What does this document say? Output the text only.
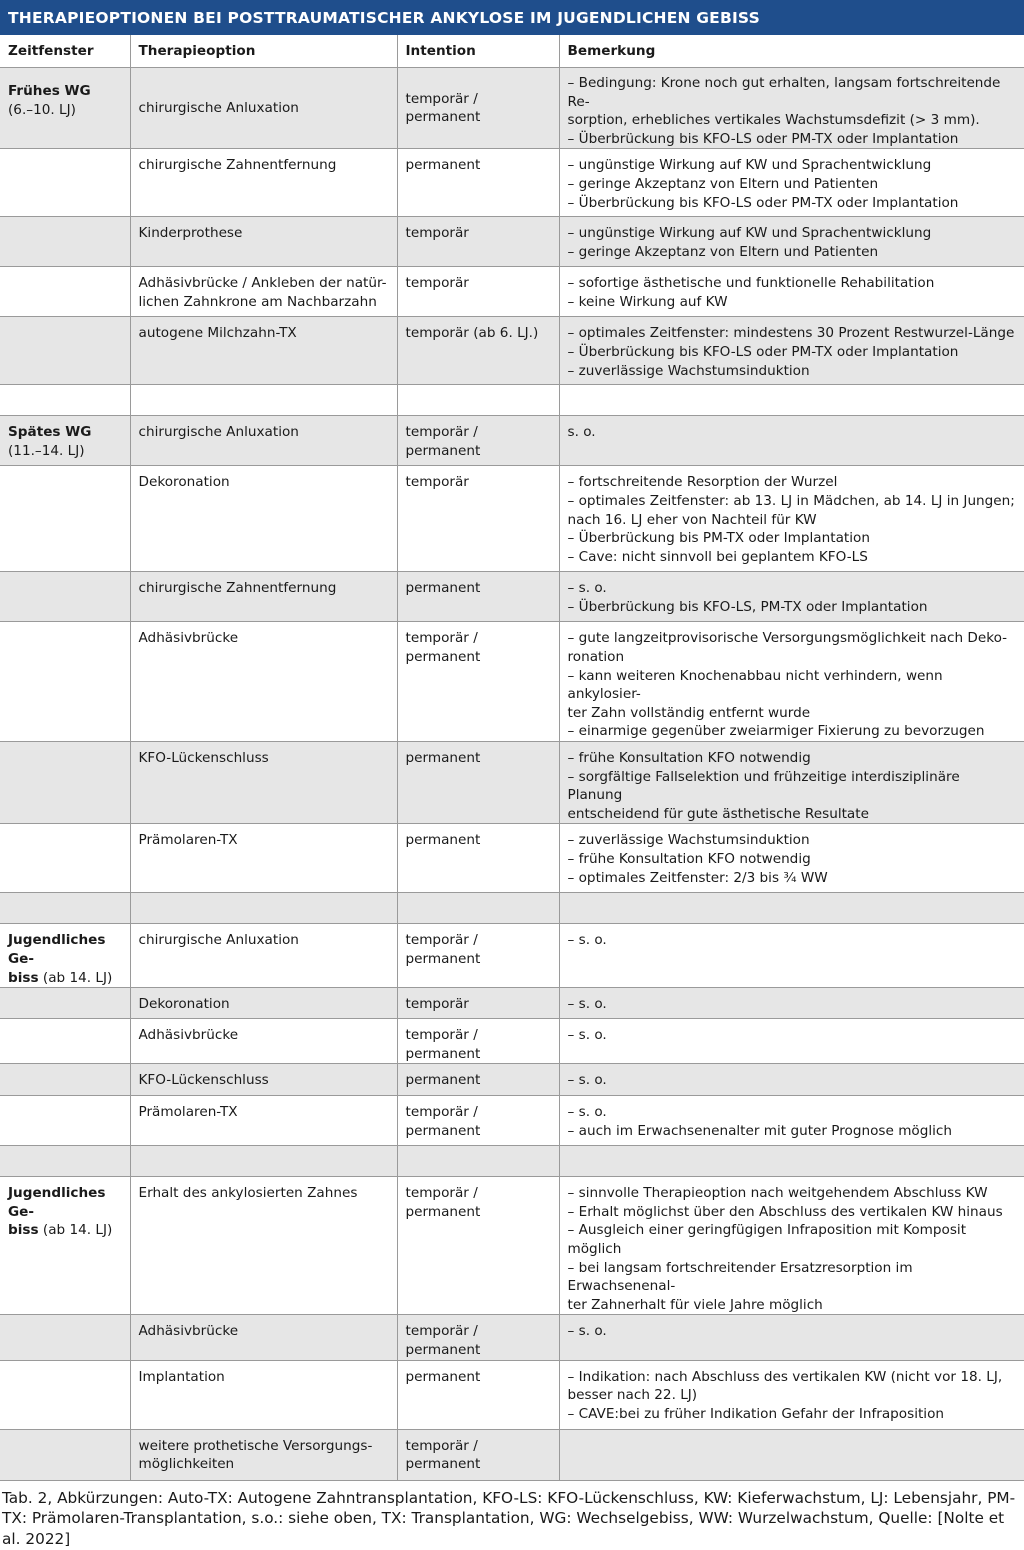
THERAPIEOPTIONEN BEI POSTTRAUMATISCHER ANKYLOSE IM JUGENDLICHEN GEBISS
Zeitfenster	Therapieoption	Intention	Bemerkung
Frühes WG
(6.–10. LJ)	chirurgische Anluxation	temporär / permanent	– Bedingung: Krone noch gut erhalten, langsam fortschreitende Re-
sorption, erhebliches vertikales Wachstumsdefizit (> 3 mm).
– Überbrückung bis KFO-LS oder PM-TX oder Implantation

	chirurgische Zahnentfernung	permanent	– ungünstige Wirkung auf KW und Sprachentwicklung
– geringe Akzeptanz von Eltern und Patienten
– Überbrückung bis KFO-LS oder PM-TX oder Implantation

	Kinderprothese	temporär	– ungünstige Wirkung auf KW und Sprachentwicklung
– geringe Akzeptanz von Eltern und Patienten

	Adhäsivbrücke / Ankleben der natür-
lichen Zahnkrone am Nachbarzahn	temporär	– sofortige ästhetische und funktionelle Rehabilitation
– keine Wirkung auf KW

	autogene Milchzahn-TX	temporär (ab 6. LJ.)	– optimales Zeitfenster: mindestens 30 Prozent Restwurzel-Länge
– Überbrückung bis KFO-LS oder PM-TX oder Implantation
– zuverlässige Wachstumsinduktion

Spätes WG
(11.–14. LJ)	chirurgische Anluxation	temporär / permanent	s. o.

	Dekoronation	temporär	– fortschreitende Resorption der Wurzel
– optimales Zeitfenster: ab 13. LJ in Mädchen, ab 14. LJ in Jungen;
nach 16. LJ eher von Nachteil für KW
– Überbrückung bis PM-TX oder Implantation
– Cave: nicht sinnvoll bei geplantem KFO-LS

	chirurgische Zahnentfernung	permanent	– s. o.
– Überbrückung bis KFO-LS, PM-TX oder Implantation

	Adhäsivbrücke	temporär / permanent	– gute langzeitprovisorische Versorgungsmöglichkeit nach Deko-
ronation
– kann weiteren Knochenabbau nicht verhindern, wenn ankylosier-
ter Zahn vollständig entfernt wurde
– einarmige gegenüber zweiarmiger Fixierung zu bevorzugen

	KFO-Lückenschluss	permanent	– frühe Konsultation KFO notwendig
– sorgfältige Fallselektion und frühzeitige interdisziplinäre Planung
entscheidend für gute ästhetische Resultate

	Prämolaren-TX	permanent	– zuverlässige Wachstumsinduktion
– frühe Konsultation KFO notwendig
– optimales Zeitfenster: 2/3 bis ¾ WW

Jugendliches Ge-
biss (ab 14. LJ)	chirurgische Anluxation	temporär / permanent	– s. o.

	Dekoronation	temporär	– s. o.

	Adhäsivbrücke	temporär / permanent	– s. o.

	KFO-Lückenschluss	permanent	– s. o.

	Prämolaren-TX	temporär / permanent	– s. o.
– auch im Erwachsenenalter mit guter Prognose möglich

Jugendliches Ge-
biss (ab 14. LJ)	Erhalt des ankylosierten Zahnes	temporär / permanent	– sinnvolle Therapieoption nach weitgehendem Abschluss KW
– Erhalt möglichst über den Abschluss des vertikalen KW hinaus
– Ausgleich einer geringfügigen Infraposition mit Komposit möglich
– bei langsam fortschreitender Ersatzresorption im Erwachsenenal-
ter Zahnerhalt für viele Jahre möglich

	Adhäsivbrücke	temporär / permanent	– s. o.

	Implantation	permanent	– Indikation: nach Abschluss des vertikalen KW (nicht vor 18. LJ,
besser nach 22. LJ)
– CAVE:bei zu früher Indikation Gefahr der Infraposition

	weitere prothetische Versorgungs-
möglichkeiten	temporär / permanent	
Tab. 2, Abkürzungen: Auto-TX: Autogene Zahntransplantation, KFO-LS: KFO-Lückenschluss, KW: Kieferwachstum, LJ: Lebensjahr, PM-TX: Prämolaren-Transplantation, s.o.: siehe oben, TX: Transplantation, WG: Wechselgebiss, WW: Wurzelwachstum, Quelle: [Nolte et al. 2022]
